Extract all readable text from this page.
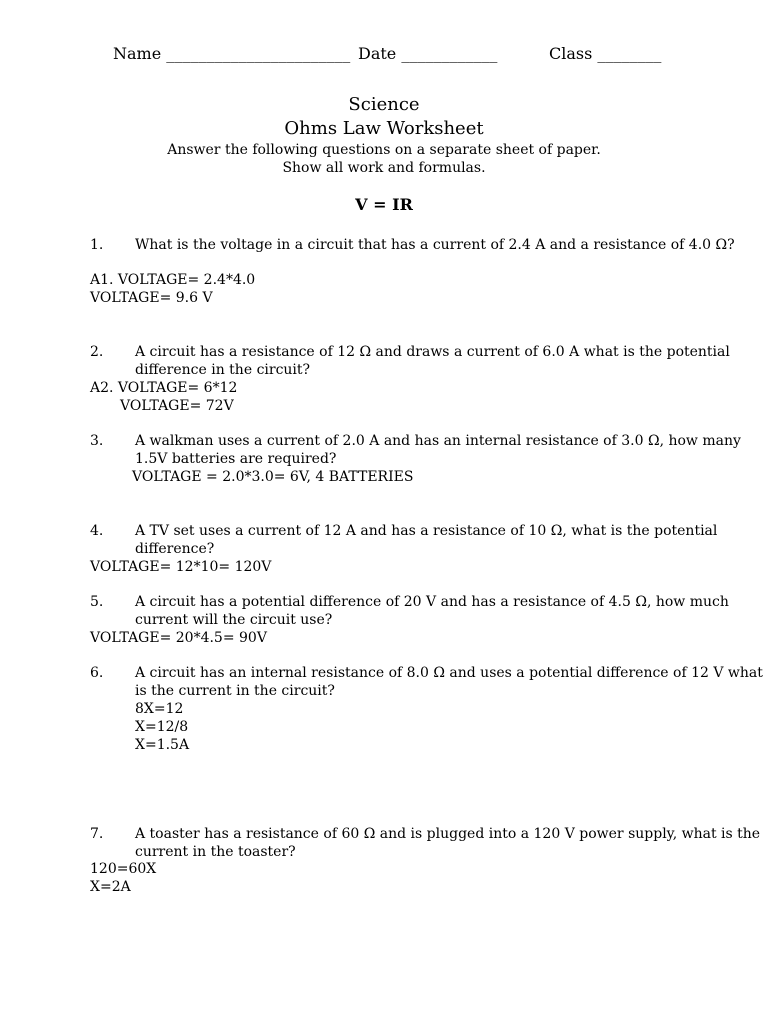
Name _______________________ Date ____________	Class ________
Science
Ohms Law Worksheet
Answer the following questions on a separate sheet of paper.
Show all work and formulas.
V = IR
1. What is the voltage in a circuit that has a current of 2.4 A and a resistance of 4.0 Ω?
A1. VOLTAGE= 2.4*4.0
VOLTAGE= 9.6 V
2. A circuit has a resistance of 12 Ω and draws a current of 6.0 A what is the potential
difference in the circuit?
A2. VOLTAGE= 6*12
VOLTAGE= 72V
3. A walkman uses a current of 2.0 A and has an internal resistance of 3.0 Ω, how many
1.5V batteries are required?
VOLTAGE = 2.0*3.0= 6V, 4 BATTERIES
4. A TV set uses a current of 12 A and has a resistance of 10 Ω, what is the potential
difference?
VOLTAGE= 12*10= 120V
5. A circuit has a potential difference of 20 V and has a resistance of 4.5 Ω, how much
current will the circuit use?
VOLTAGE= 20*4.5= 90V
6. A circuit has an internal resistance of 8.0 Ω and uses a potential difference of 12 V what
is the current in the circuit?
8X=12
X=12/8
X=1.5A
7. A toaster has a resistance of 60 Ω and is plugged into a 120 V power supply, what is the
current in the toaster?
120=60X
X=2A
